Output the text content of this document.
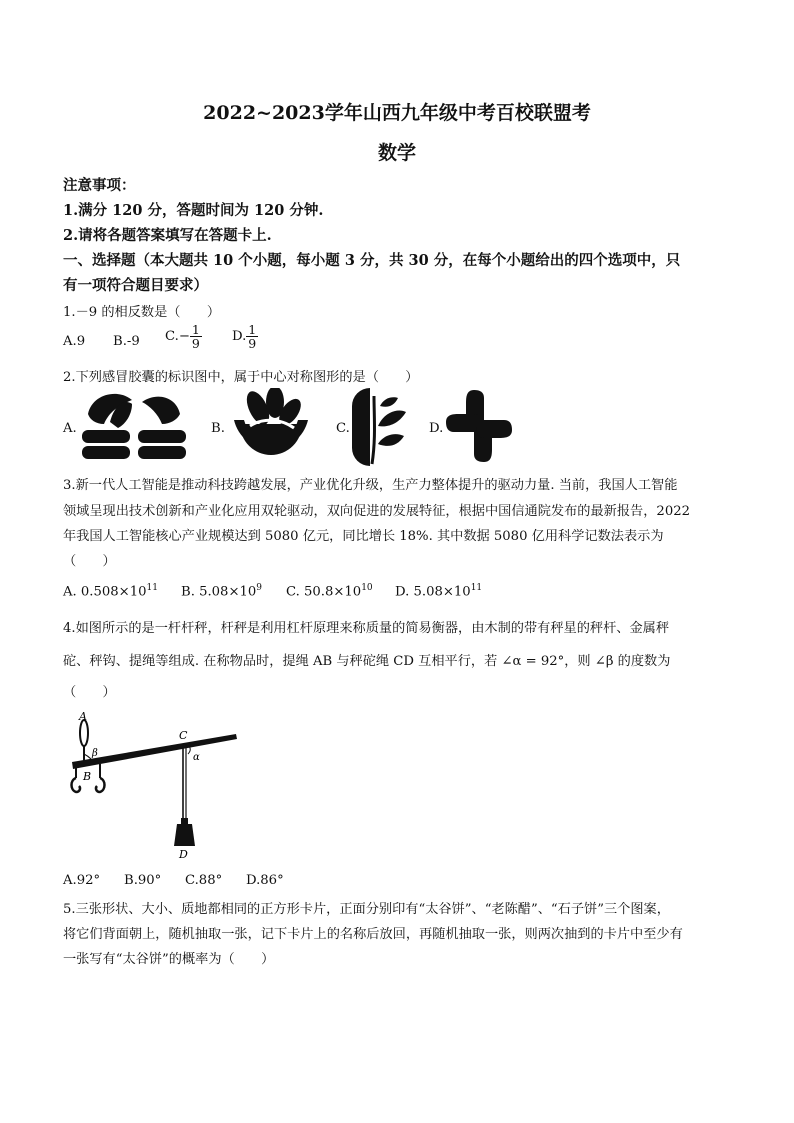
2022~2023学年山西九年级中考百校联盟考
数学
注意事项：
1.满分 120 分，答题时间为 120 分钟.
2.请将各题答案填写在答题卡上.
一、选择题（本大题共 10 个小题，每小题 3 分，共 30 分，在每个小题给出的四个选项中，只
有一项符合题目要求）
1.－9 的相反数是（　　）
A.9 B.-9 $C.- \frac{1}{9} D$. $\frac{1}{9}$
2.下列感冒胶囊的标识图中，属于中心对称图形的是（　　）
A.	B.	C.	D.
3.新一代人工智能是推动科技跨越发展，产业优化升级，生产力整体提升的驱动力量. 当前，我国人工智能
领域呈现出技术创新和产业化应用双轮驱动，双向促进的发展特征，根据中国信通院发布的最新报告，2022
年我国人工智能核心产业规模达到 5080 亿元，同比增长 18%. 其中数据 5080 亿用科学记数法表示为
（　　）
A. $0.508\times 10^{11}$ B. $5.08\times 10^9$ C. $50.8\times 10^{10}$ D. $5.08\times 10^{11}$
4.如图所示的是一杆杆秤，杆秤是利用杠杆原理来称质量的简易衡器，由木制的带有秤星的秤杆、金属秤
砣、秤钩、提绳等组成. 在称物品时，提绳 AB 与秤砣绳 CD 互相平行，若 ∠α = 92°，则 ∠β 的度数为
（　　）
A
B
C
D
α
β
A.92° B.90° C.88° D.86°
5.三张形状、大小、质地都相同的正方形卡片，正面分别印有“太谷饼”、“老陈醋”、“石子饼”三个图案，
将它们背面朝上，随机抽取一张，记下卡片上的名称后放回，再随机抽取一张，则两次抽到的卡片中至少有
一张写有“太谷饼”的概率为（　　）
